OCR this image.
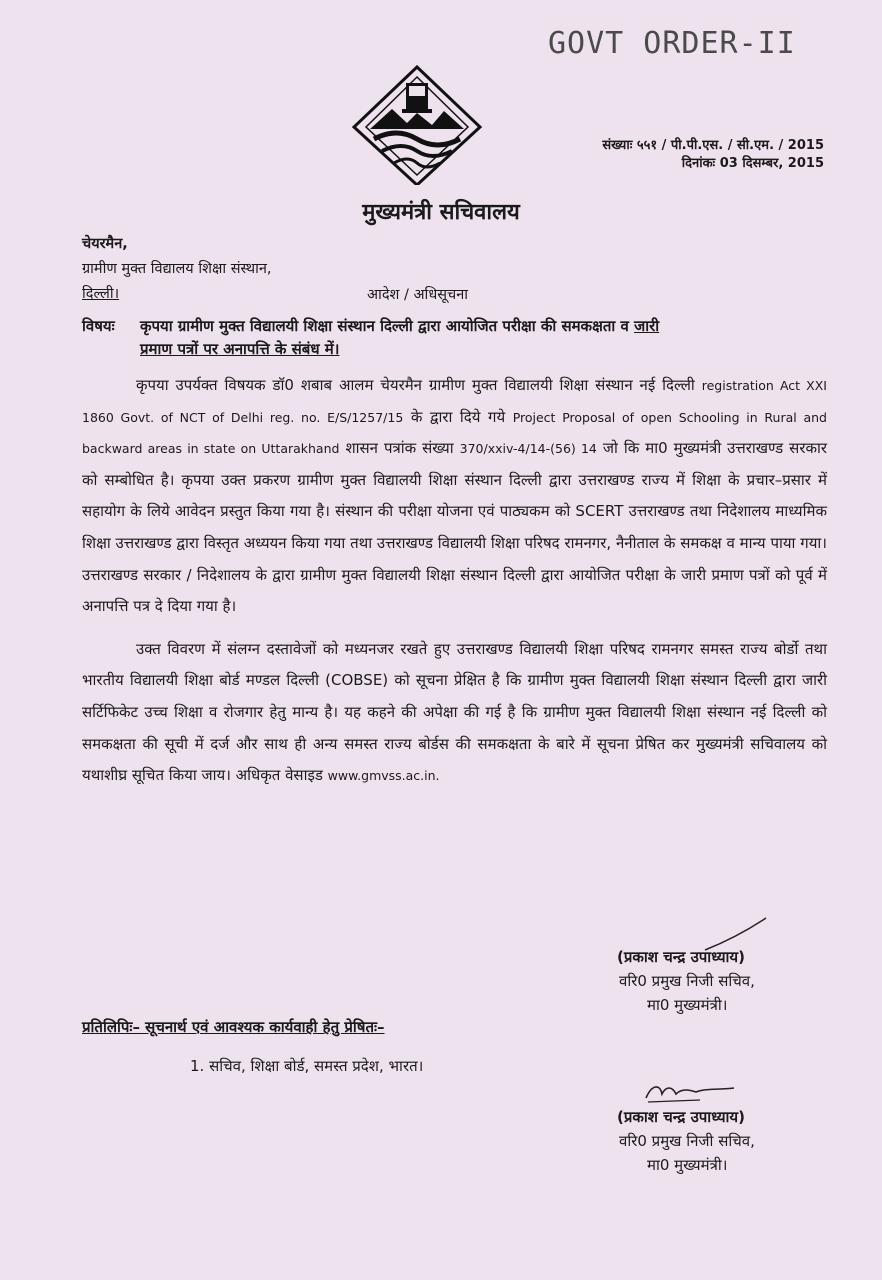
GOVT ORDER-II
संख्याः ५५१ / पी.पी.एस. / सी.एम. / 2015
दिनांकः 03 दिसम्बर, 2015
मुख्यमंत्री सचिवालय
चेयरमैन,
ग्रामीण मुक्त विद्यालय शिक्षा संस्थान,
दिल्ली।	आदेश / अधिसूचना
विषयः कृपया ग्रामीण मुक्त विद्यालयी शिक्षा संस्थान दिल्ली द्वारा आयोजित परीक्षा की समकक्षता व जारी
प्रमाण पत्रों पर अनापत्ति के संबंध में।

कृपया उपर्यक्त विषयक डॉ0 शबाब आलम चेयरमैन ग्रामीण मुक्त विद्यालयी शिक्षा संस्थान नई दिल्ली registration Act XXI 1860 Govt. of NCT of Delhi reg. no. E/S/1257/15 के द्वारा दिये गये Project Proposal of open Schooling in Rural and backward areas in state on Uttarakhand शासन पत्रांक संख्या 370/xxiv-4/14-(56) 14 जो कि मा0 मुख्यमंत्री उत्तराखण्ड सरकार को सम्बोधित है। कृपया उक्त प्रकरण ग्रामीण मुक्त विद्यालयी शिक्षा संस्थान दिल्ली द्वारा उत्तराखण्ड राज्य में शिक्षा के प्रचार–प्रसार में सहायोग के लिये आवेदन प्रस्तुत किया गया है। संस्थान की परीक्षा योजना एवं पाठ्यकम को SCERT उत्तराखण्ड तथा निदेशालय माध्यमिक शिक्षा उत्तराखण्ड द्वारा विस्तृत अध्ययन किया गया तथा उत्तराखण्ड विद्यालयी शिक्षा परिषद रामनगर, नैनीताल के समकक्ष व मान्य पाया गया। उत्तराखण्ड सरकार / निदेशालय के द्वारा ग्रामीण मुक्त विद्यालयी शिक्षा संस्थान दिल्ली द्वारा आयोजित परीक्षा के जारी प्रमाण पत्रों को पूर्व में अनापत्ति पत्र दे दिया गया है।

उक्त विवरण में संलग्न दस्तावेजों को मध्यनजर रखते हुए उत्तराखण्ड विद्यालयी शिक्षा परिषद रामनगर समस्त राज्य बोर्डो तथा भारतीय विद्यालयी शिक्षा बोर्ड मण्डल दिल्ली (COBSE) को सूचना प्रेक्षित है कि ग्रामीण मुक्त विद्यालयी शिक्षा संस्थान दिल्ली द्वारा जारी सर्टिफिकेट उच्च शिक्षा व रोजगार हेतु मान्य है। यह कहने की अपेक्षा की गई है कि ग्रामीण मुक्त विद्यालयी शिक्षा संस्थान नई दिल्ली को समकक्षता की सूची में दर्ज और साथ ही अन्य समस्त राज्य बोर्डस की समकक्षता के बारे में सूचना प्रेषित कर मुख्यमंत्री सचिवालय को यथाशीघ्र सूचित किया जाय। अधिकृत वेसाइड www.gmvss.ac.in.

(प्रकाश चन्द्र उपाध्याय)
वरि0 प्रमुख निजी सचिव,
मा0 मुख्यमंत्री।
प्रतिलिपिः– सूचनार्थ एवं आवश्यक कार्यवाही हेतु प्रेषितः–
1. सचिव, शिक्षा बोर्ड, समस्त प्रदेश, भारत।
(प्रकाश चन्द्र उपाध्याय)
वरि0 प्रमुख निजी सचिव,
मा0 मुख्यमंत्री।
